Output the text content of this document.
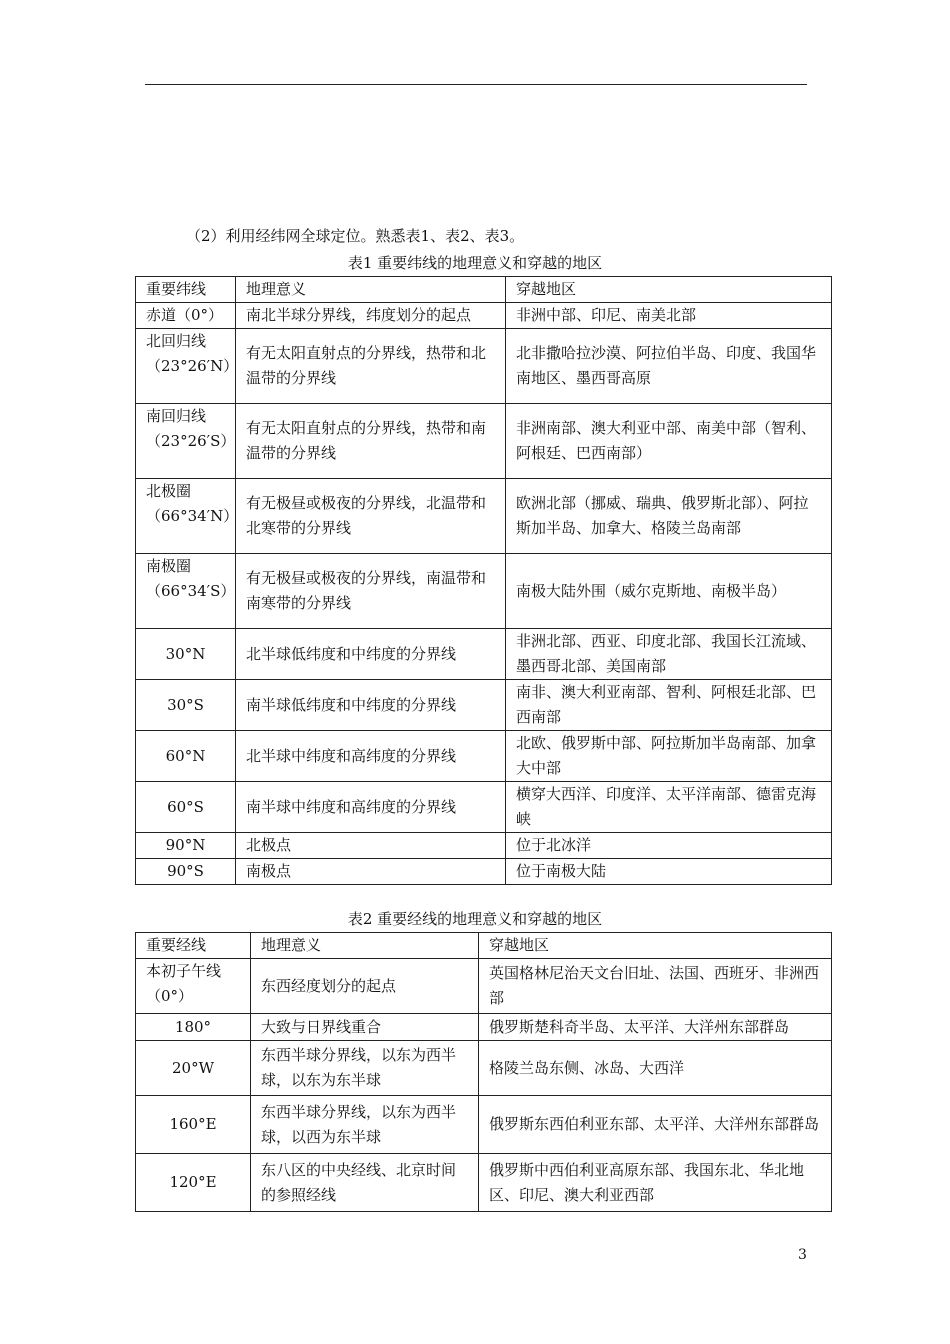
（2）利用经纬网全球定位。熟悉表1、表2、表3。
表1 重要纬线的地理意义和穿越的地区
重要纬线	地理意义	穿越地区
赤道（0°）	南北半球分界线，纬度划分的起点	非洲中部、印尼、南美北部
北回归线（23°26′N）	有无太阳直射点的分界线，热带和北温带的分界线	北非撒哈拉沙漠、阿拉伯半岛、印度、我国华南地区、墨西哥高原
南回归线（23°26′S）	有无太阳直射点的分界线，热带和南温带的分界线	非洲南部、澳大利亚中部、南美中部（智利、阿根廷、巴西南部）
北极圈（66°34′N）	有无极昼或极夜的分界线，北温带和北寒带的分界线	欧洲北部（挪威、瑞典、俄罗斯北部）、阿拉斯加半岛、加拿大、格陵兰岛南部
南极圈（66°34′S）	有无极昼或极夜的分界线，南温带和南寒带的分界线	南极大陆外围（威尔克斯地、南极半岛）
30°N	北半球低纬度和中纬度的分界线	非洲北部、西亚、印度北部、我国长江流域、墨西哥北部、美国南部
30°S	南半球低纬度和中纬度的分界线	南非、澳大利亚南部、智利、阿根廷北部、巴西南部
60°N	北半球中纬度和高纬度的分界线	北欧、俄罗斯中部、阿拉斯加半岛南部、加拿大中部
60°S	南半球中纬度和高纬度的分界线	横穿大西洋、印度洋、太平洋南部、德雷克海峡
90°N	北极点	位于北冰洋
90°S	南极点	位于南极大陆
表2 重要经线的地理意义和穿越的地区
重要经线	地理意义	穿越地区
本初子午线（0°）	东西经度划分的起点	英国格林尼治天文台旧址、法国、西班牙、非洲西部
180°	大致与日界线重合	俄罗斯楚科奇半岛、太平洋、大洋州东部群岛
20°W	东西半球分界线，以东为西半球，以东为东半球	格陵兰岛东侧、冰岛、大西洋
160°E	东西半球分界线，以东为西半球，以西为东半球	俄罗斯东西伯利亚东部、太平洋、大洋州东部群岛
120°E	东八区的中央经线、北京时间的参照经线	俄罗斯中西伯利亚高原东部、我国东北、华北地区、印尼、澳大利亚西部
3
